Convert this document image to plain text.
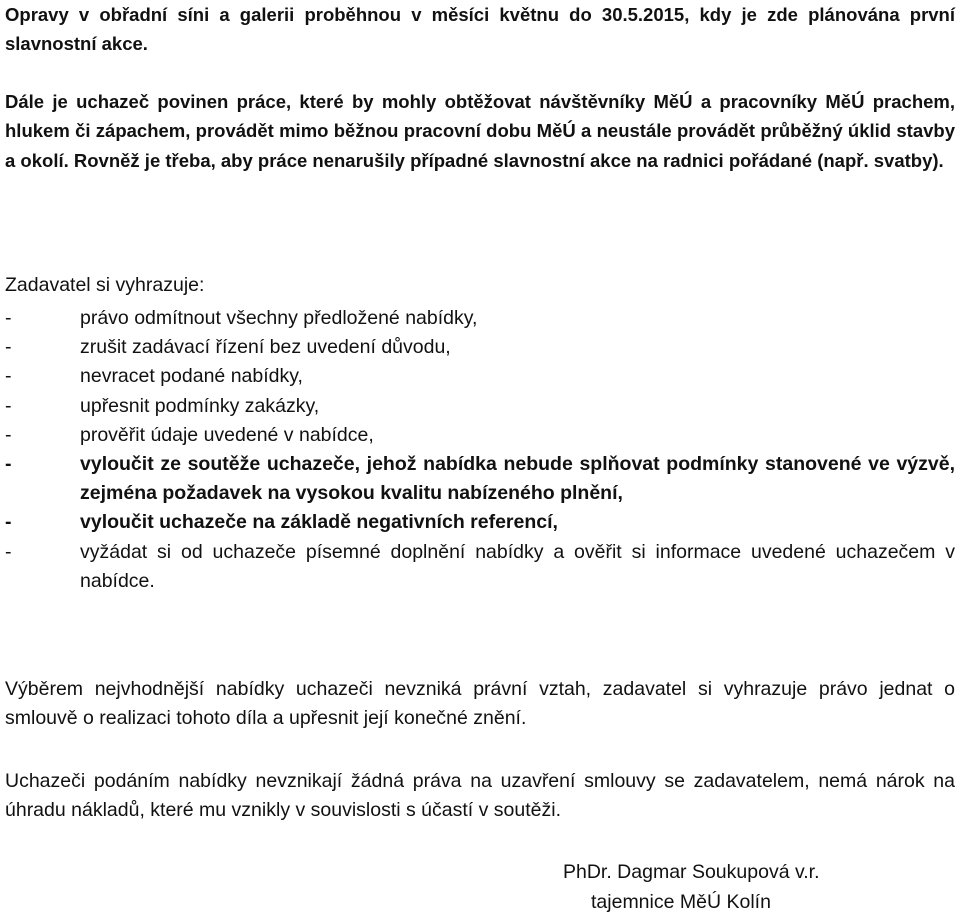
Opravy v obřadní síni a galerii proběhnou v měsíci květnu do 30.5.2015, kdy je zde plánována první slavnostní akce.

Dále je uchazeč povinen práce, které by mohly obtěžovat návštěvníky MěÚ a pracovníky MěÚ prachem, hlukem či zápachem, provádět mimo běžnou pracovní dobu MěÚ a neustále provádět průběžný úklid stavby a okolí. Rovněž je třeba, aby práce nenarušily případné slavnostní akce na radnici pořádané (např. svatby).

Zadavatel si vyhrazuje:

-	právo odmítnout všechny předložené nabídky,
-	zrušit zadávací řízení bez uvedení důvodu,
-	nevracet podané nabídky,
-	upřesnit podmínky zakázky,
-	prověřit údaje uvedené v nabídce,
-	vyloučit ze soutěže uchazeče, jehož nabídka nebude splňovat podmínky stanovené ve výzvě, zejména požadavek na vysokou kvalitu nabízeného plnění,
-	vyloučit uchazeče na základě negativních referencí,
-	vyžádat si od uchazeče písemné doplnění nabídky a ověřit si informace uvedené uchazečem v nabídce.

Výběrem nejvhodnější nabídky uchazeči nevzniká právní vztah, zadavatel si vyhrazuje právo jednat o smlouvě o realizaci tohoto díla a upřesnit její konečné znění.

Uchazeči podáním nabídky nevznikají žádná práva na uzavření smlouvy se zadavatelem, nemá nárok na úhradu nákladů, které mu vznikly v souvislosti s účastí v soutěži.

PhDr. Dagmar Soukupová v.r.
tajemnice MěÚ Kolín
